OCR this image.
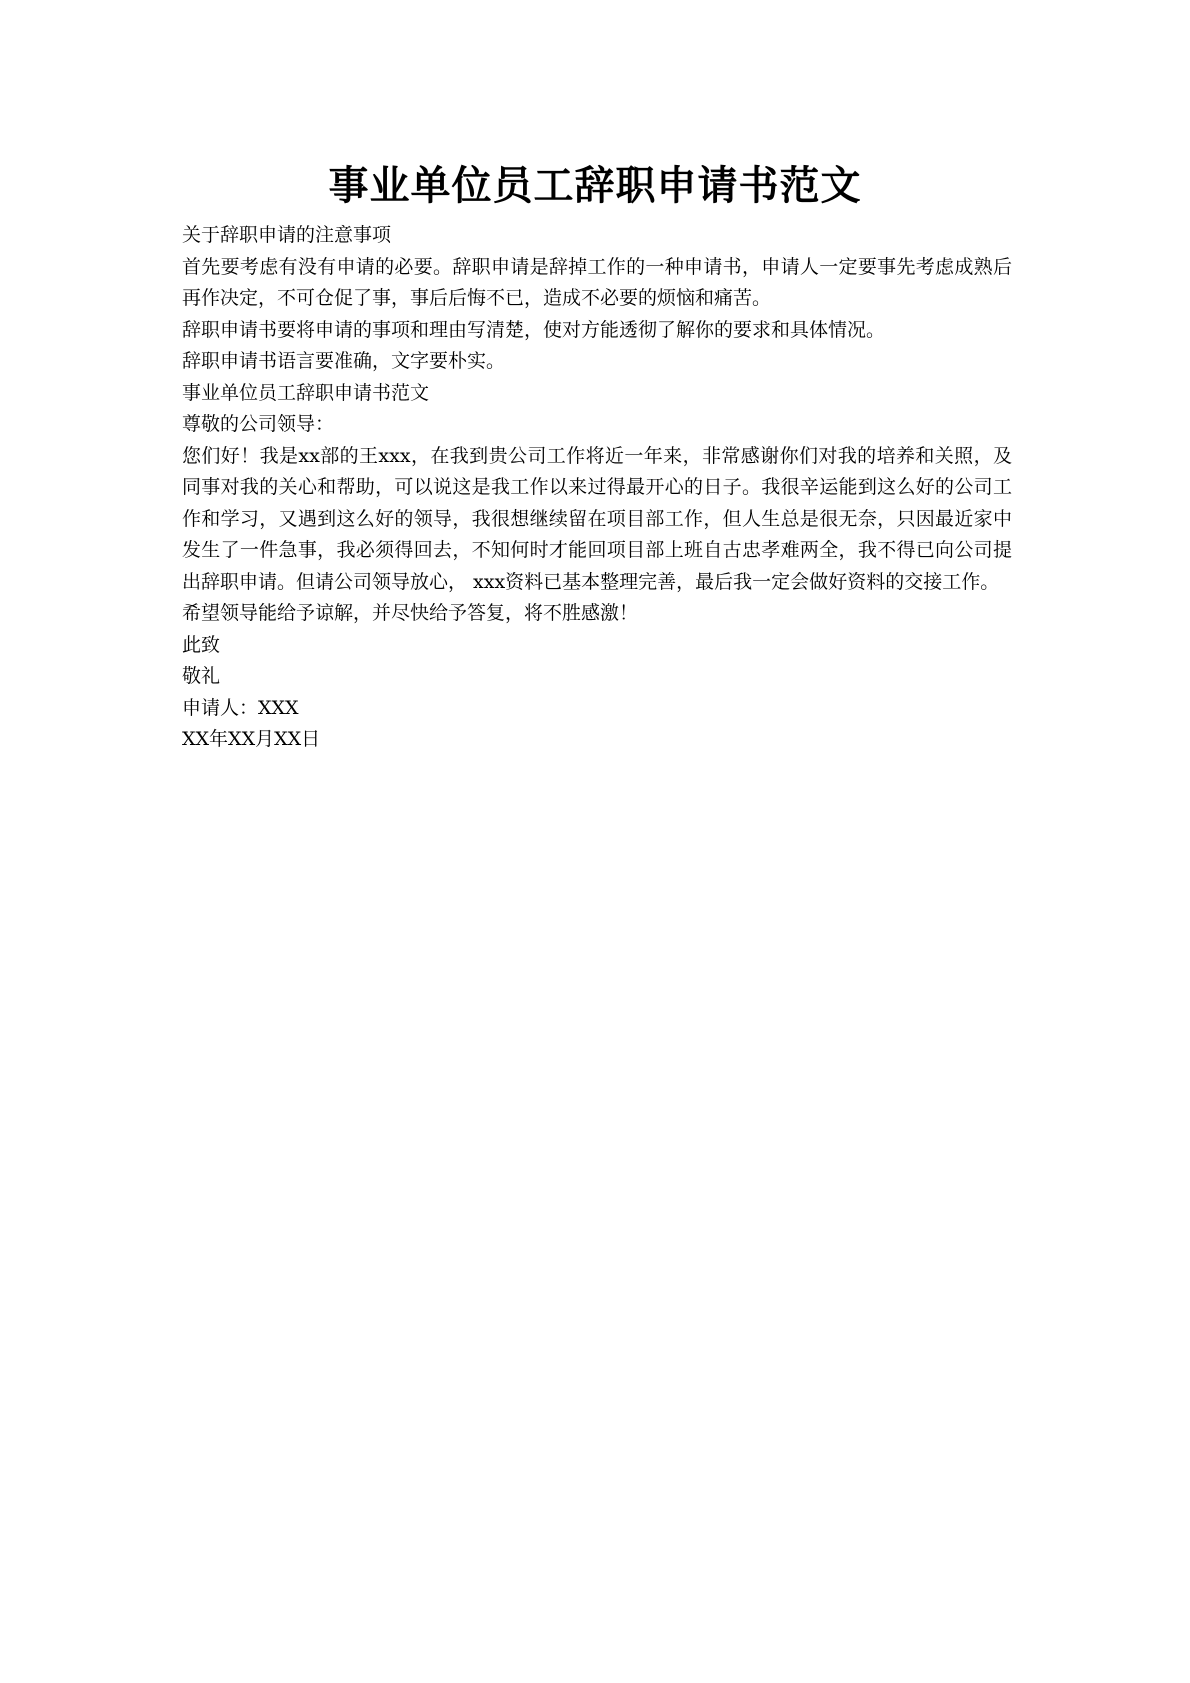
事业单位员工辞职申请书范文

关于辞职申请的注意事项

首先要考虑有没有申请的必要。辞职申请是辞掉工作的一种申请书，申请人一定要事先考虑成熟后再作决定，不可仓促了事，事后后悔不已，造成不必要的烦恼和痛苦。

辞职申请书要将申请的事项和理由写清楚，使对方能透彻了解你的要求和具体情况。

辞职申请书语言要准确，文字要朴实。

事业单位员工辞职申请书范文

尊敬的公司领导：

您们好！我是xx部的王xxx，在我到贵公司工作将近一年来，非常感谢你们对我的培养和关照，及同事对我的关心和帮助，可以说这是我工作以来过得最开心的日子。我很辛运能到这么好的公司工作和学习，又遇到这么好的领导，我很想继续留在项目部工作，但人生总是很无奈，只因最近家中发生了一件急事，我必须得回去，不知何时才能回项目部上班自古忠孝难两全，我不得已向公司提出辞职申请。但请公司领导放心， xxx资料已基本整理完善，最后我一定会做好资料的交接工作。

希望领导能给予谅解，并尽快给予答复，将不胜感激！

此致

敬礼

申请人：XXX

XX年XX月XX日
